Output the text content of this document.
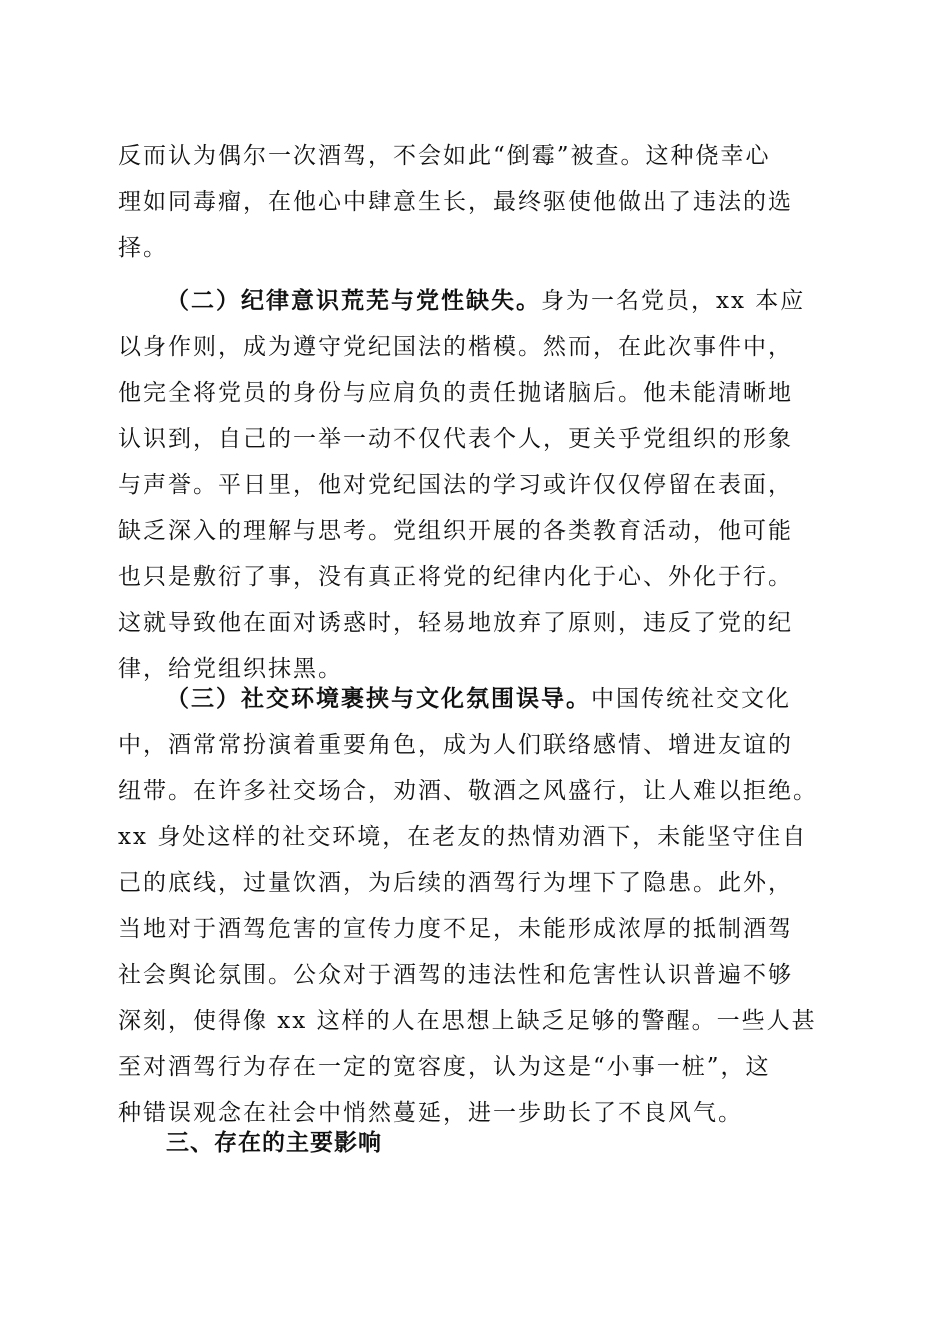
反而认为偶尔一次酒驾，不会如此“倒霉”被查。这种侥幸心
理如同毒瘤，在他心中肆意生长，最终驱使他做出了违法的选
择。
（二）纪律意识荒芜与党性缺失。身为一名党员，xx 本应
以身作则，成为遵守党纪国法的楷模。然而，在此次事件中，
他完全将党员的身份与应肩负的责任抛诸脑后。他未能清晰地
认识到，自己的一举一动不仅代表个人，更关乎党组织的形象
与声誉。平日里，他对党纪国法的学习或许仅仅停留在表面，
缺乏深入的理解与思考。党组织开展的各类教育活动，他可能
也只是敷衍了事，没有真正将党的纪律内化于心、外化于行。
这就导致他在面对诱惑时，轻易地放弃了原则，违反了党的纪
律，给党组织抹黑。
（三）社交环境裹挟与文化氛围误导。中国传统社交文化
中，酒常常扮演着重要角色，成为人们联络感情、增进友谊的
纽带。在许多社交场合，劝酒、敬酒之风盛行，让人难以拒绝。
xx 身处这样的社交环境，在老友的热情劝酒下，未能坚守住自
己的底线，过量饮酒，为后续的酒驾行为埋下了隐患。此外，
当地对于酒驾危害的宣传力度不足，未能形成浓厚的抵制酒驾
社会舆论氛围。公众对于酒驾的违法性和危害性认识普遍不够
深刻，使得像 xx 这样的人在思想上缺乏足够的警醒。一些人甚
至对酒驾行为存在一定的宽容度，认为这是“小事一桩”，这
种错误观念在社会中悄然蔓延，进一步助长了不良风气。
三、存在的主要影响
